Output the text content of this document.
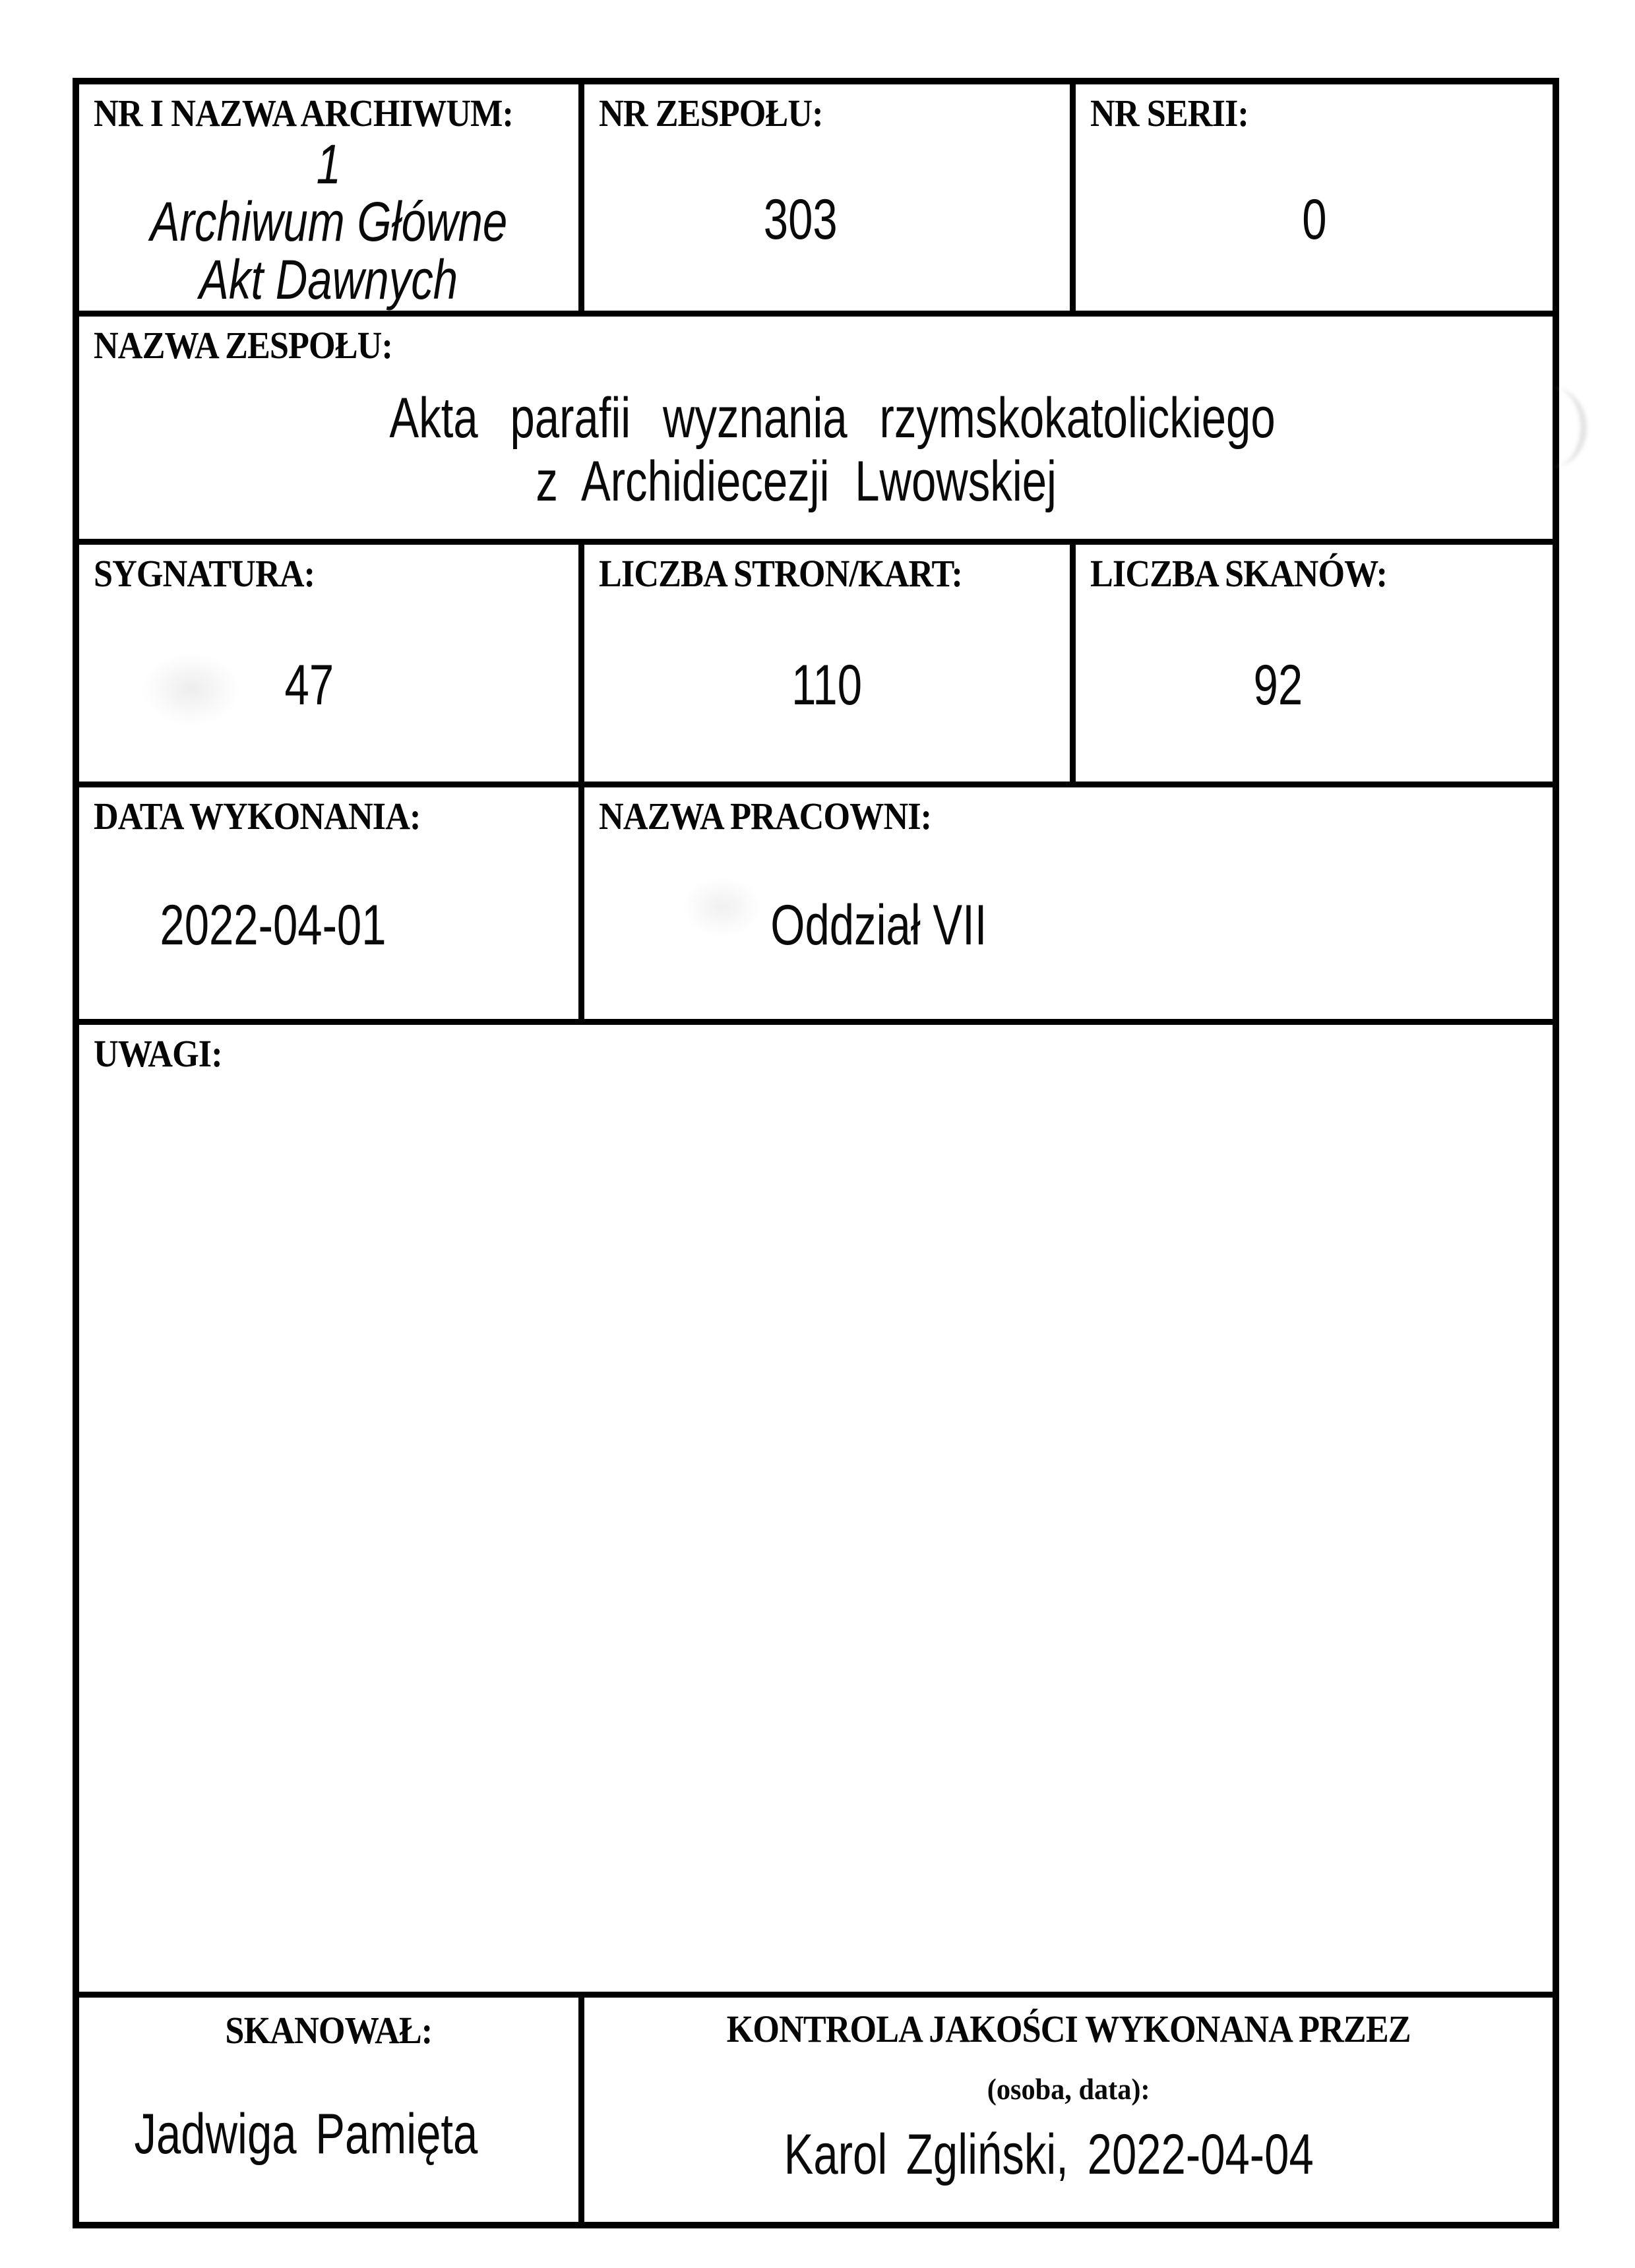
NR I NAZWA ARCHIWUM:
1
Archiwum Główne
Akt Dawnych
NR ZESPOŁU:
303
NR SERII:
0
NAZWA ZESPOŁU:
Akta parafii wyznania rzymskokatolickiego
z Archidiecezji Lwowskiej
SYGNATURA:
47
LICZBA STRON/KART:
110
LICZBA SKANÓW:
92
DATA WYKONANIA:
2022-04-01
NAZWA PRACOWNI:
Oddział VII
UWAGI:
SKANOWAŁ:
Jadwiga Pamięta
KONTROLA JAKOŚCI WYKONANA PRZEZ
(osoba, data):
Karol Zgliński, 2022-04-04
